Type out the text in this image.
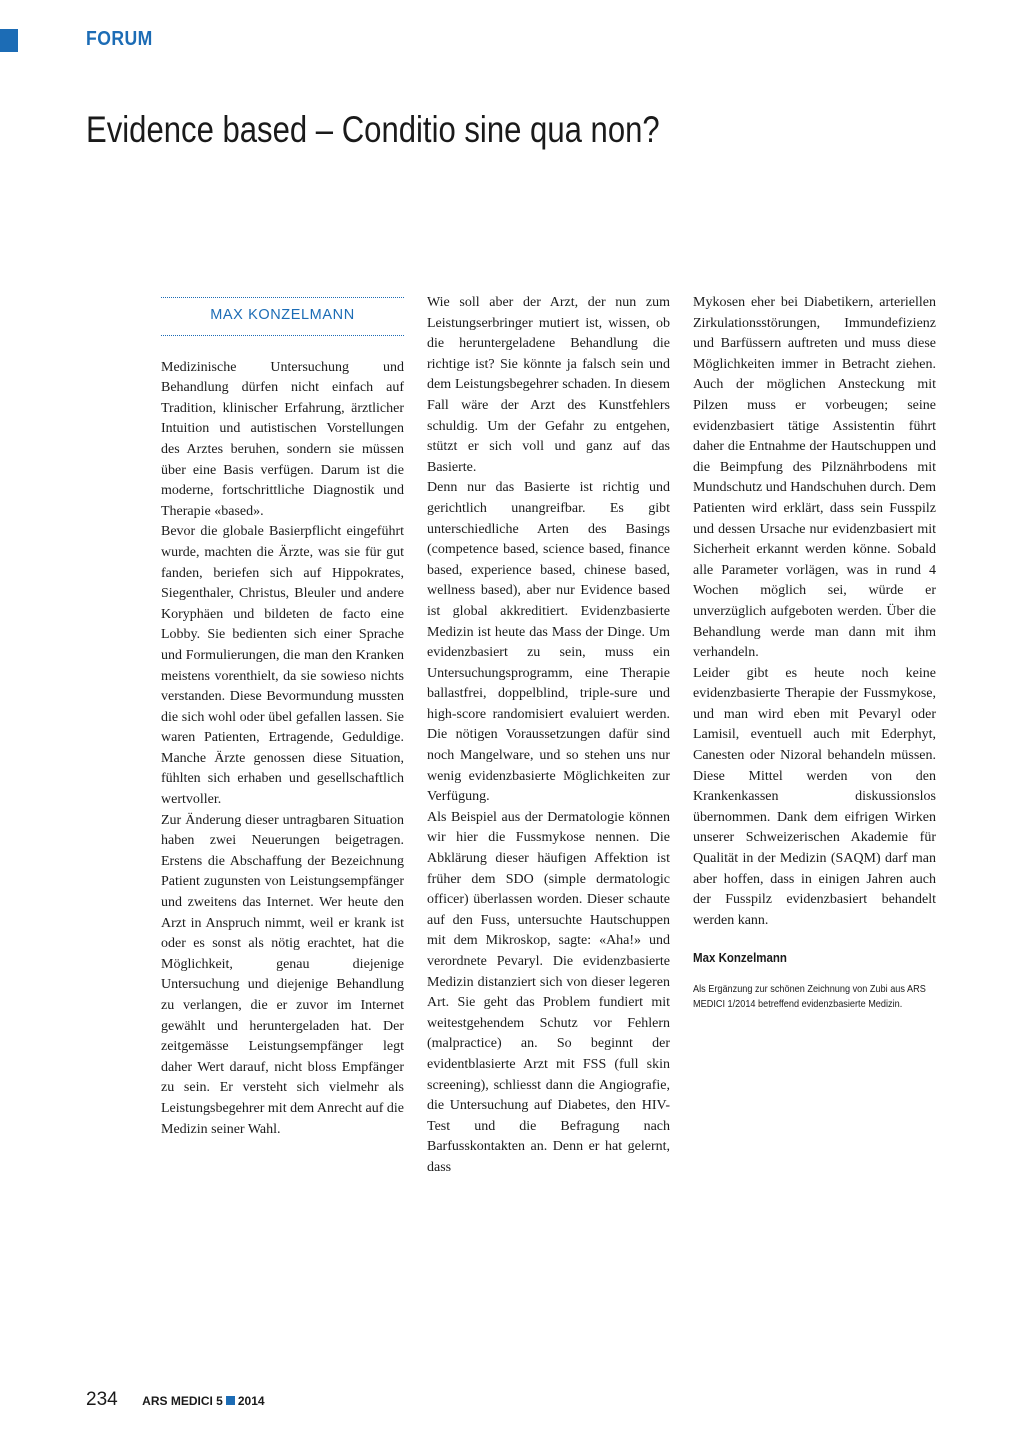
FORUM
Evidence based – Conditio sine qua non?
MAX KONZELMANN

Medizinische Untersuchung und Behandlung dürfen nicht einfach auf Tradition, klinischer Erfahrung, ärztlicher Intuition und autistischen Vorstellungen des Arztes beruhen, sondern sie müssen über eine Basis verfügen. Darum ist die moderne, fortschrittliche Diagnostik und Therapie «based».

Bevor die globale Basierpflicht eingeführt wurde, machten die Ärzte, was sie für gut fanden, beriefen sich auf Hippokrates, Siegenthaler, Christus, Bleuler und andere Koryphäen und bildeten de facto eine Lobby. Sie bedienten sich einer Sprache und Formulierungen, die man den Kranken meistens vorenthielt, da sie sowieso nichts verstanden. Diese Bevormundung mussten die sich wohl oder übel gefallen lassen. Sie waren Patienten, Ertragende, Geduldige. Manche Ärzte genossen diese Situation, fühlten sich erhaben und gesellschaftlich wertvoller.

Zur Änderung dieser untragbaren Situation haben zwei Neuerungen beigetragen. Erstens die Abschaffung der Bezeichnung Patient zugunsten von Leistungsempfänger und zweitens das Internet. Wer heute den Arzt in Anspruch nimmt, weil er krank ist oder es sonst als nötig erachtet, hat die Möglichkeit, genau diejenige Untersuchung und diejenige Behandlung zu verlangen, die er zuvor im Internet gewählt und heruntergeladen hat. Der zeitgemässe Leistungsempfänger legt daher Wert darauf, nicht bloss Empfänger zu sein. Er versteht sich vielmehr als Leistungsbegehrer mit dem Anrecht auf die Medizin seiner Wahl.

Wie soll aber der Arzt, der nun zum Leistungserbringer mutiert ist, wissen, ob die heruntergeladene Behandlung die richtige ist? Sie könnte ja falsch sein und dem Leistungsbegehrer schaden. In diesem Fall wäre der Arzt des Kunstfehlers schuldig. Um der Gefahr zu entgehen, stützt er sich voll und ganz auf das Basierte.

Denn nur das Basierte ist richtig und gerichtlich unangreifbar. Es gibt unterschiedliche Arten des Basings (competence based, science based, finance based, experience based, chinese based, wellness based), aber nur Evidence based ist global akkreditiert. Evidenzbasierte Medizin ist heute das Mass der Dinge. Um evidenzbasiert zu sein, muss ein Untersuchungsprogramm, eine Therapie ballastfrei, doppelblind, triple-sure und high-score randomisiert evaluiert werden. Die nötigen Voraussetzungen dafür sind noch Mangelware, und so stehen uns nur wenig evidenzbasierte Möglichkeiten zur Verfügung.

Als Beispiel aus der Dermatologie können wir hier die Fussmykose nennen. Die Abklärung dieser häufigen Affektion ist früher dem SDO (simple dermatologic officer) überlassen worden. Dieser schaute auf den Fuss, untersuchte Hautschuppen mit dem Mikroskop, sagte: «Aha!» und verordnete Pevaryl. Die evidenzbasierte Medizin distanziert sich von dieser legeren Art. Sie geht das Problem fundiert mit weitestgehendem Schutz vor Fehlern (malpractice) an. So beginnt der evidentblasierte Arzt mit FSS (full skin screening), schliesst dann die Angiografie, die Untersuchung auf Diabetes, den HIV-Test und die Befragung nach Barfusskontakten an. Denn er hat gelernt, dass

Mykosen eher bei Diabetikern, arteriellen Zirkulationsstörungen, Immundefizienz und Barfüssern auftreten und muss diese Möglichkeiten immer in Betracht ziehen. Auch der möglichen Ansteckung mit Pilzen muss er vorbeugen; seine evidenzbasiert tätige Assistentin führt daher die Entnahme der Hautschuppen und die Beimpfung des Pilznährbodens mit Mundschutz und Handschuhen durch. Dem Patienten wird erklärt, dass sein Fusspilz und dessen Ursache nur evidenzbasiert mit Sicherheit erkannt werden könne. Sobald alle Parameter vorlägen, was in rund 4 Wochen möglich sei, würde er unverzüglich aufgeboten werden. Über die Behandlung werde man dann mit ihm verhandeln.

Leider gibt es heute noch keine evidenzbasierte Therapie der Fussmykose, und man wird eben mit Pevaryl oder Lamisil, eventuell auch mit Ederphyt, Canesten oder Nizoral behandeln müssen. Diese Mittel werden von den Krankenkassen diskussionslos übernommen. Dank dem eifrigen Wirken unserer Schweizerischen Akademie für Qualität in der Medizin (SAQM) darf man aber hoffen, dass in einigen Jahren auch der Fusspilz evidenzbasiert behandelt werden kann.

Max Konzelmann
Als Ergänzung zur schönen Zeichnung von Zubi aus ARS MEDICI 1/2014 betreffend evidenzbasierte Medizin.
234 ARS MEDICI 5 2014
